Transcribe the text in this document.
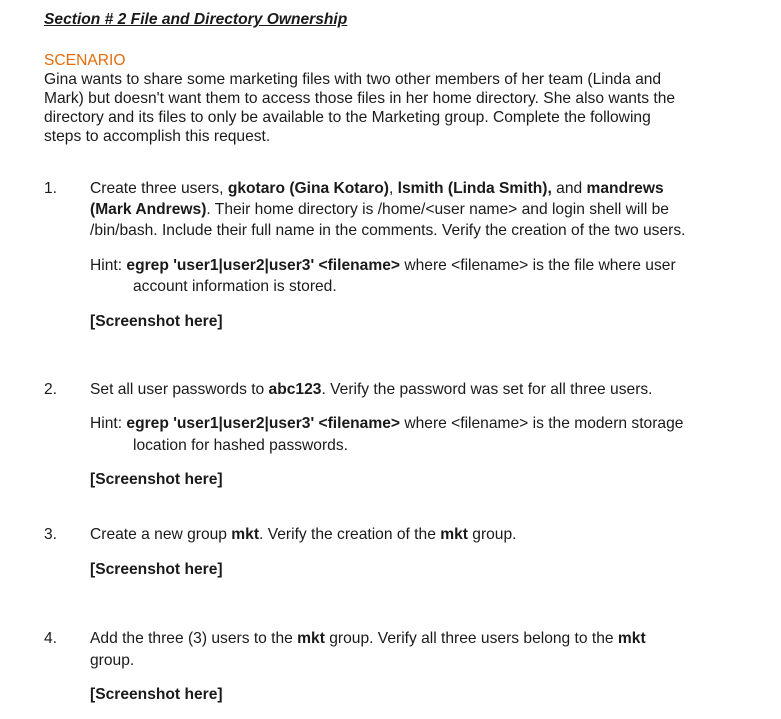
Section # 2 File and Directory Ownership
SCENARIO
Gina wants to share some marketing files with two other members of her team (Linda and
Mark) but doesn't want them to access those files in her home directory. She also wants the
directory and its files to only be available to the Marketing group. Complete the following
steps to accomplish this request.
1. Create three users, gkotaro (Gina Kotaro), lsmith (Linda Smith), and mandrews
(Mark Andrews). Their home directory is /home/<user name> and login shell will be
/bin/bash. Include their full name in the comments. Verify the creation of the two users.
Hint: egrep 'user1|user2|user3' <filename> where <filename> is the file where user
account information is stored.
[Screenshot here]
2. Set all user passwords to abc123. Verify the password was set for all three users.
Hint: egrep 'user1|user2|user3' <filename> where <filename> is the modern storage
location for hashed passwords.
[Screenshot here]
3. Create a new group mkt. Verify the creation of the mkt group.
[Screenshot here]
4. Add the three (3) users to the mkt group. Verify all three users belong to the mkt
group.
[Screenshot here]
